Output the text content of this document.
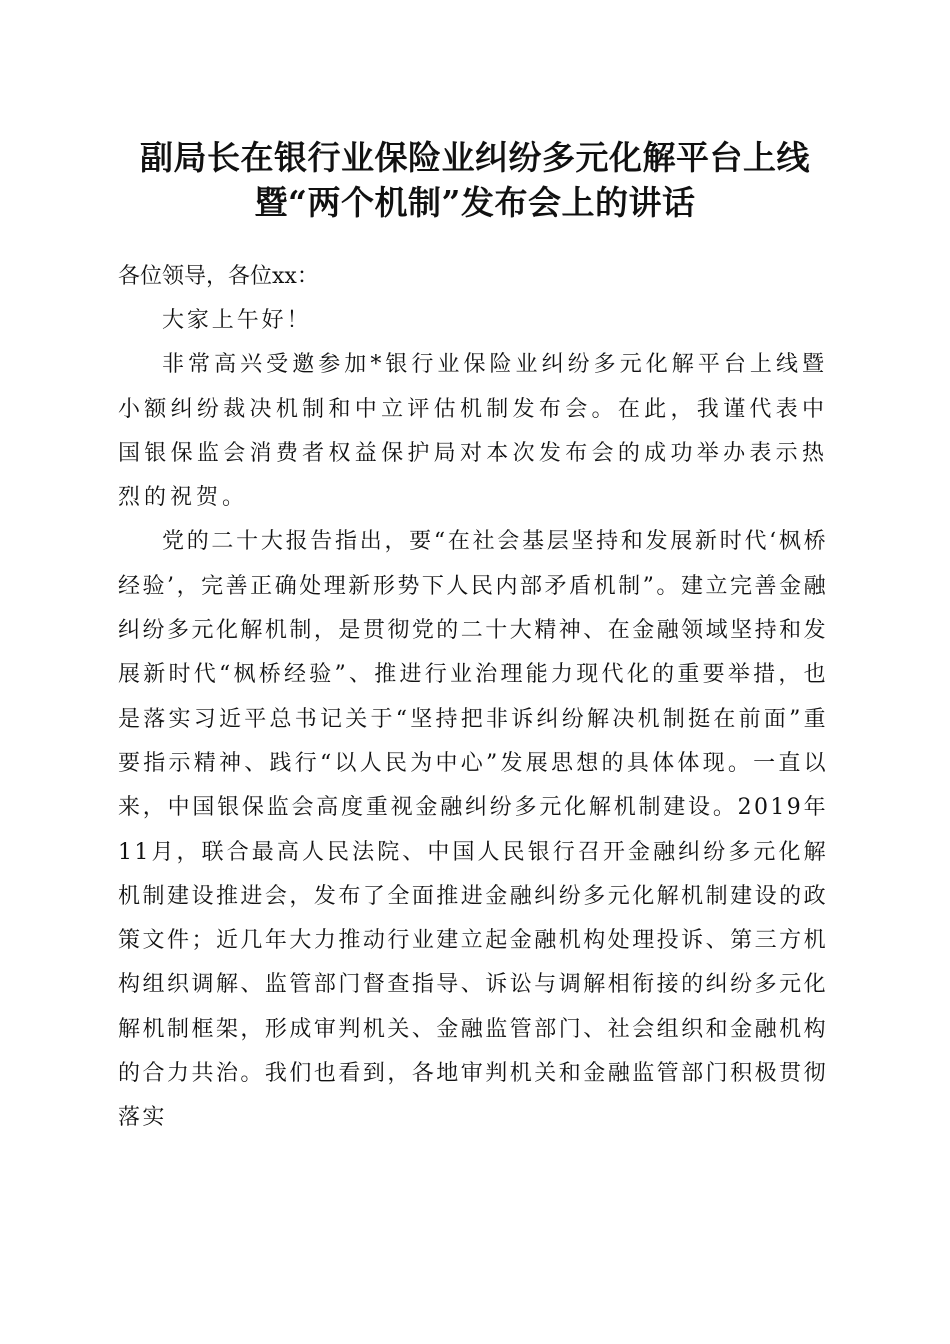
副局长在银行业保险业纠纷多元化解平台上线
暨“两个机制”发布会上的讲话

各位领导，各位xx：

大家上午好！

非常高兴受邀参加*银行业保险业纠纷多元化解平台上线暨小额纠纷裁决机制和中立评估机制发布会。在此，我谨代表中国银保监会消费者权益保护局对本次发布会的成功举办表示热烈的祝贺。

党的二十大报告指出，要“在社会基层坚持和发展新时代‘枫桥经验’，完善正确处理新形势下人民内部矛盾机制”。建立完善金融纠纷多元化解机制，是贯彻党的二十大精神、在金融领域坚持和发展新时代“枫桥经验”、推进行业治理能力现代化的重要举措，也是落实习近平总书记关于“坚持把非诉纠纷解决机制挺在前面”重要指示精神、践行“以人民为中心”发展思想的具体体现。一直以来，中国银保监会高度重视金融纠纷多元化解机制建设。2019年11月，联合最高人民法院、中国人民银行召开金融纠纷多元化解机制建设推进会，发布了全面推进金融纠纷多元化解机制建设的政策文件；近几年大力推动行业建立起金融机构处理投诉、第三方机构组织调解、监管部门督查指导、诉讼与调解相衔接的纠纷多元化解机制框架，形成审判机关、金融监管部门、社会组织和金融机构的合力共治。我们也看到，各地审判机关和金融监管部门积极贯彻落实
